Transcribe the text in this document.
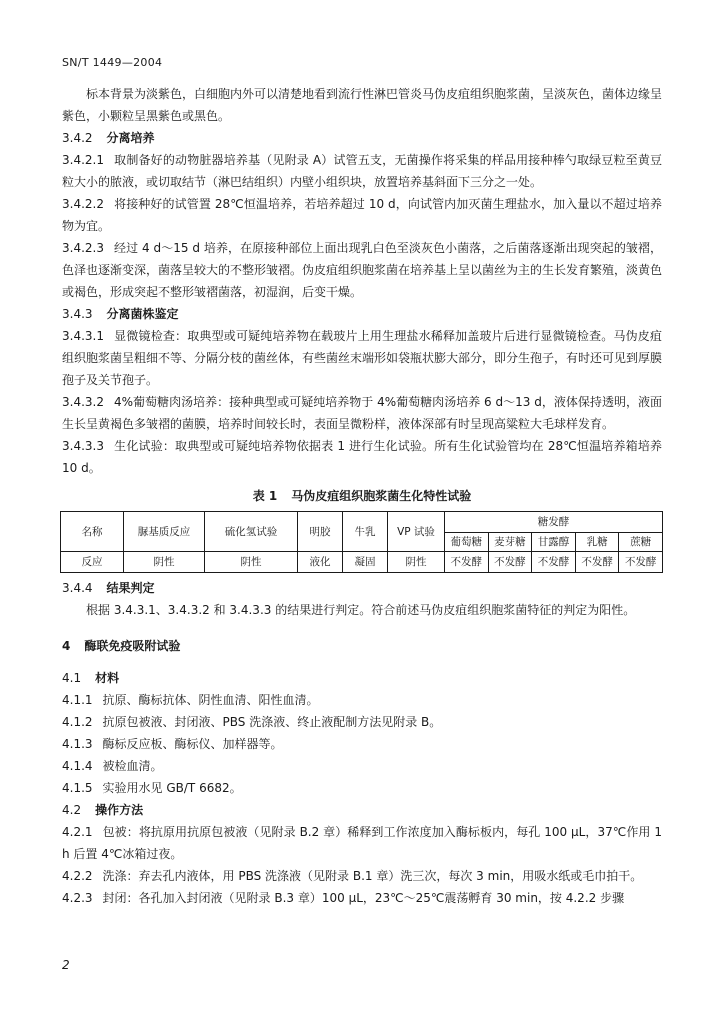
SN/T 1449—2004

标本背景为淡紫色，白细胞内外可以清楚地看到流行性淋巴管炎马伪皮疽组织胞浆菌，呈淡灰色，菌体边缘呈紫色，小颗粒呈黑紫色或黑色。

3.4.2 分离培养

3.4.2.1 取制备好的动物脏器培养基（见附录 A）试管五支，无菌操作将采集的样品用接种棒勺取绿豆粒至黄豆粒大小的脓液，或切取结节（淋巴结组织）内壁小组织块，放置培养基斜面下三分之一处。

3.4.2.2 将接种好的试管置 28℃恒温培养，若培养超过 10 d，向试管内加灭菌生理盐水，加入量以不超过培养物为宜。

3.4.2.3 经过 4 d～15 d 培养，在原接种部位上面出现乳白色至淡灰色小菌落，之后菌落逐渐出现突起的皱褶，色泽也逐渐变深，菌落呈较大的不整形皱褶。伪皮疽组织胞浆菌在培养基上呈以菌丝为主的生长发育繁殖，淡黄色或褐色，形成突起不整形皱褶菌落，初湿润，后变干燥。

3.4.3 分离菌株鉴定

3.4.3.1 显微镜检查：取典型或可疑纯培养物在载玻片上用生理盐水稀释加盖玻片后进行显微镜检查。马伪皮疽组织胞浆菌呈粗细不等、分隔分枝的菌丝体，有些菌丝末端形如袋瓶状膨大部分，即分生孢子，有时还可见到厚膜孢子及关节孢子。

3.4.3.2 4%葡萄糖肉汤培养：接种典型或可疑纯培养物于 4%葡萄糖肉汤培养 6 d～13 d，液体保持透明，液面生长呈黄褐色多皱褶的菌膜，培养时间较长时，表面呈微粉样，液体深部有时呈现高粱粒大毛球样发育。

3.4.3.3 生化试验：取典型或可疑纯培养物依据表 1 进行生化试验。所有生化试验管均在 28℃恒温培养箱培养 10 d。

表 1 马伪皮疽组织胞浆菌生化特性试验
名称	脲基质反应	硫化氢试验	明胶	牛乳	VP 试验	糖发酵				
						葡萄糖	麦芽糖	甘露醇	乳糖	蔗糖
反应	阴性	阴性	液化	凝固	阴性	不发酵	不发酵	不发酵	不发酵	不发酵

3.4.4 结果判定

根据 3.4.3.1、3.4.3.2 和 3.4.3.3 的结果进行判定。符合前述马伪皮疽组织胞浆菌特征的判定为阳性。

4 酶联免疫吸附试验

4.1 材料

4.1.1 抗原、酶标抗体、阴性血清、阳性血清。

4.1.2 抗原包被液、封闭液、PBS 洗涤液、终止液配制方法见附录 B。

4.1.3 酶标反应板、酶标仪、加样器等。

4.1.4 被检血清。

4.1.5 实验用水见 GB/T 6682。

4.2 操作方法

4.2.1 包被：将抗原用抗原包被液（见附录 B.2 章）稀释到工作浓度加入酶标板内，每孔 100 μL，37℃作用 1 h 后置 4℃冰箱过夜。

4.2.2 洗涤：弃去孔内液体，用 PBS 洗涤液（见附录 B.1 章）洗三次，每次 3 min，用吸水纸或毛巾拍干。

4.2.3 封闭：各孔加入封闭液（见附录 B.3 章）100 μL，23℃～25℃震荡孵育 30 min，按 4.2.2 步骤

2
